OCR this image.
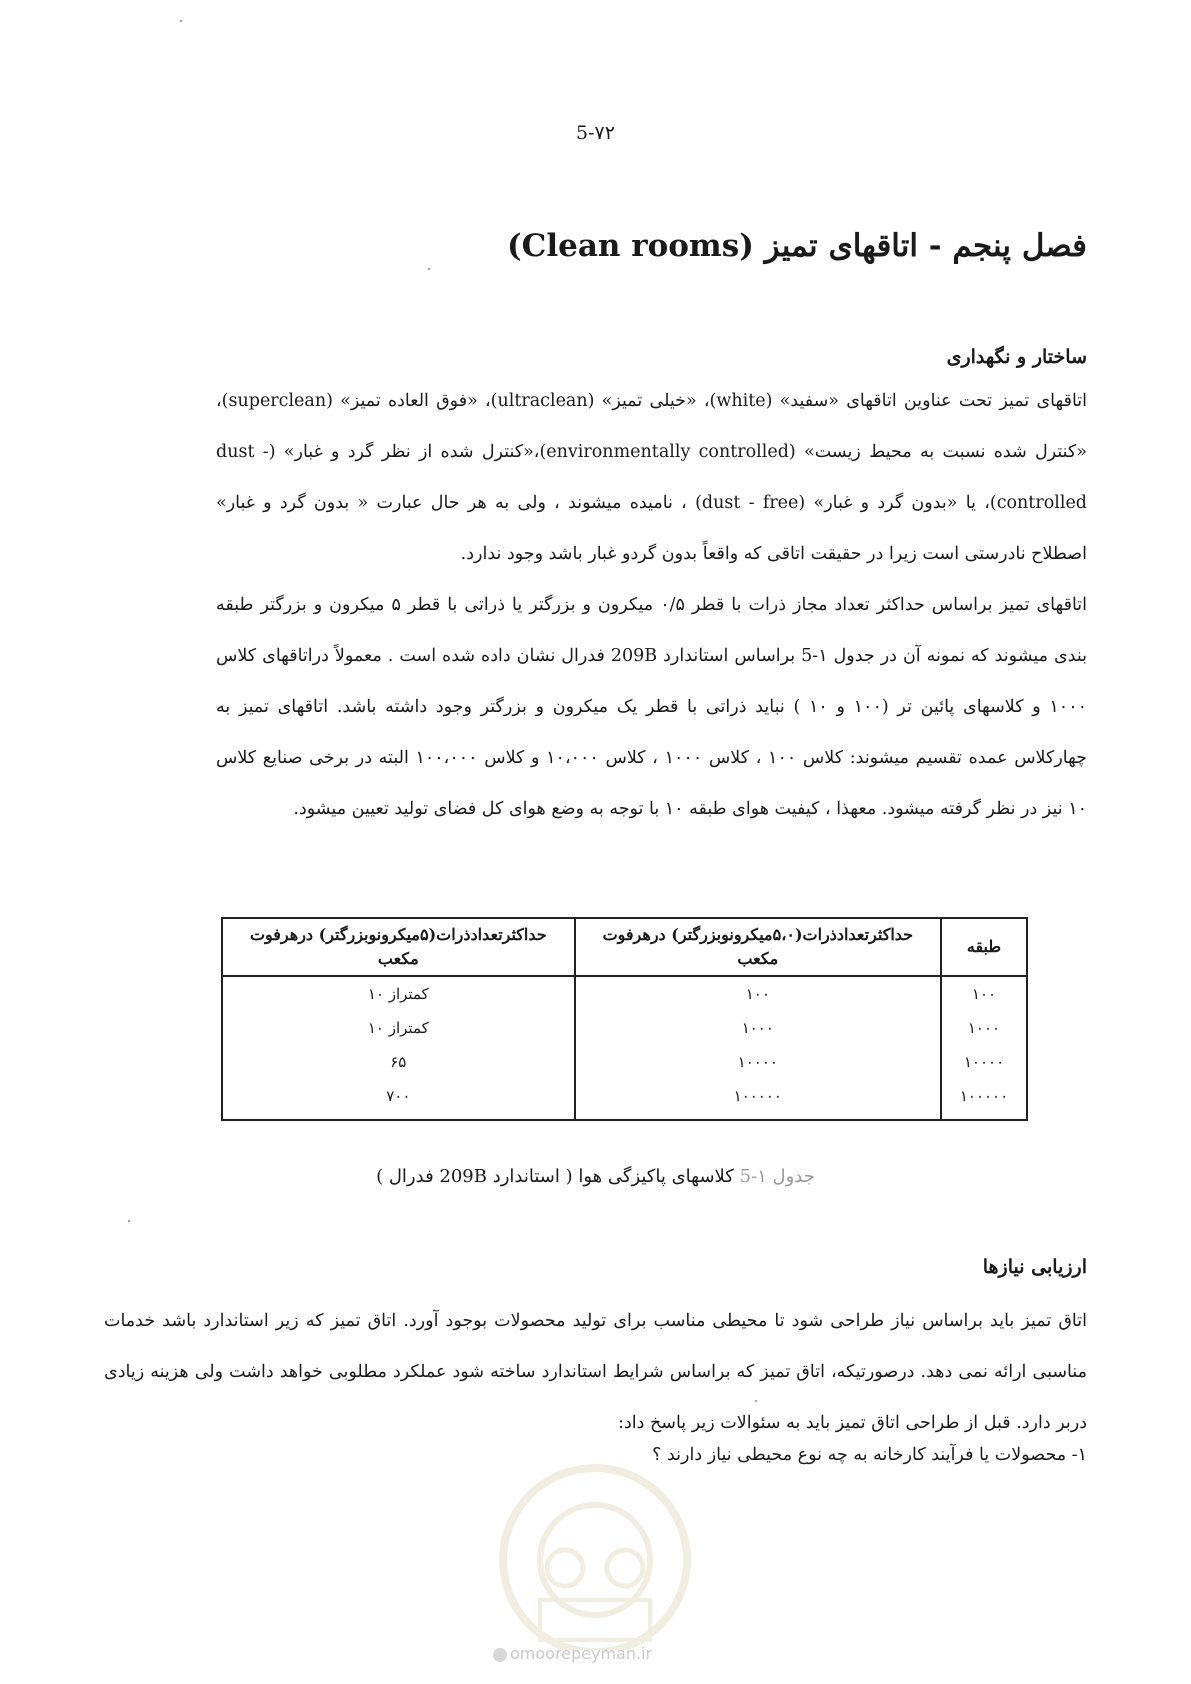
5-۷۲
فصل پنجم - اتاقهای تمیز (Clean rooms)
ساختار و نگهداری

اتاقهای تمیز تحت عناوین اتاقهای «سفید» (white)، «خیلی تمیز» (ultraclean)، «فوق العاده تمیز» (superclean)، «کنترل شده نسبت به محیط زیست» (environmentally controlled)،«کنترل شده از نظر گرد و غبار» (dust - controlled)، یا «بدون گرد و غبار» (dust - free) ، نامیده میشوند ، ولی به هر حال عبارت « بدون گرد و غبار» اصطلاح نادرستی است زیرا در حقیقت اتاقی که واقعاً بدون گردو غبار باشد وجود ندارد.

اتاقهای تمیز براساس حداکثر تعداد مجاز ذرات با قطر ۰/۵ میکرون و بزرگتر یا ذراتی با قطر ۵ میکرون و بزرگتر طبقه بندی میشوند که نمونه آن در جدول ۱-5 براساس استاندارد 209B فدرال نشان داده شده است . معمولاً دراتاقهای کلاس ۱۰۰۰ و کلاسهای پائین تر (۱۰۰ و ۱۰ ) نباید ذراتی با قطر یک میکرون و بزرگتر وجود داشته باشد. اتاقهای تمیز به چهارکلاس عمده تقسیم میشوند: کلاس ۱۰۰ ، کلاس ۱۰۰۰ ، کلاس ۱۰،۰۰۰ و کلاس ۱۰۰،۰۰۰ البته در برخی صنایع کلاس ۱۰ نیز در نظر گرفته میشود. معهذا ، کیفیت هوای طبقه ۱۰ با توجه به وضع هوای کل فضای تولید تعیین میشود.

طبقه	حداکثرتعدادذرات(۵،۰میکرونوبزرگتر) درهرفوت مکعب	حداکثرتعدادذرات(۵میکرونوبزرگتر) درهرفوت مکعب
۱۰۰	۱۰۰	کمتراز ۱۰
۱۰۰۰	۱۰۰۰	کمتراز ۱۰
۱۰۰۰۰	۱۰۰۰۰	۶۵
۱۰۰۰۰۰	۱۰۰۰۰۰	۷۰۰
جدول ۱-5 کلاسهای پاکیزگی هوا ( استاندارد 209B فدرال )
ارزیابی نیازها

اتاق تمیز باید براساس نیاز طراحی شود تا محیطی مناسب برای تولید محصولات بوجود آورد. اتاق تمیز که زیر استاندارد باشد خدمات مناسبی ارائه نمی دهد. درصورتیکه، اتاق تمیز که براساس شرایط استاندارد ساخته شود عملکرد مطلوبی خواهد داشت ولی هزینه زیادی دربر دارد. قبل از طراحی اتاق تمیز باید به سئوالات زیر پاسخ داد:

۱- محصولات یا فرآیند کارخانه به چه نوع محیطی نیاز دارند ؟

omoorepeyman.ir
